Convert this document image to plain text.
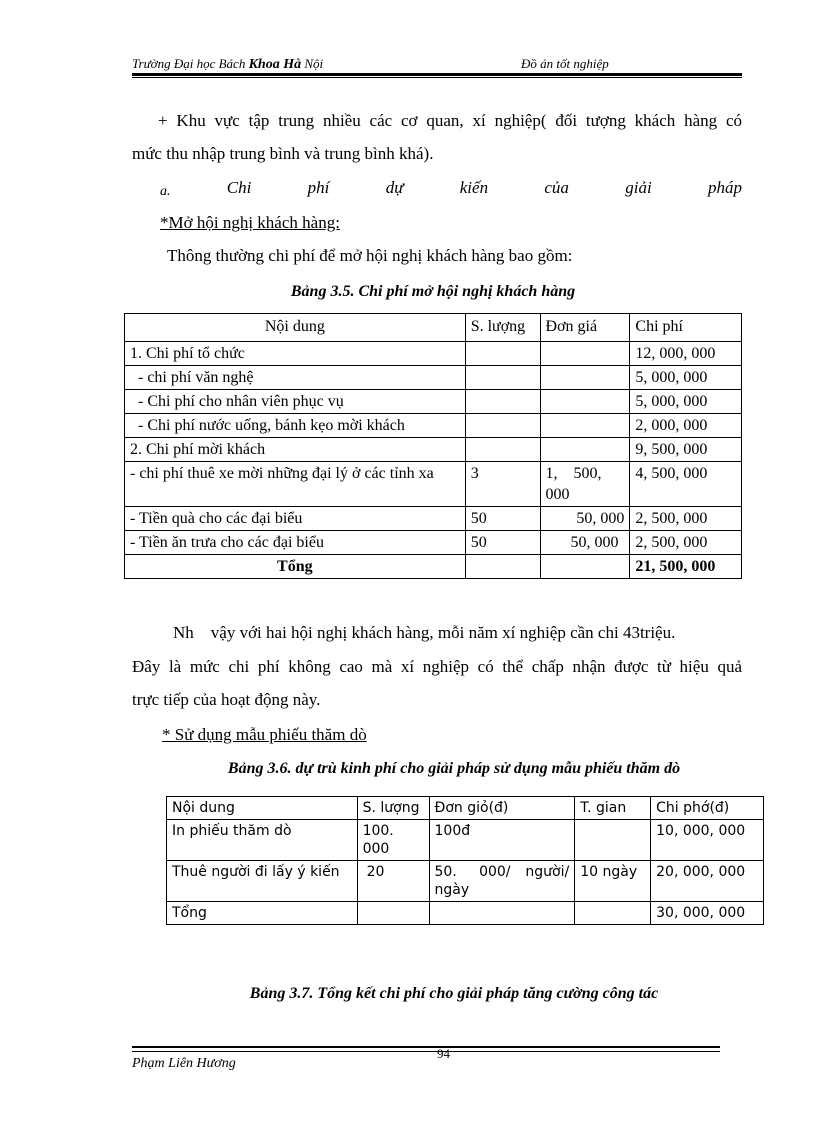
Trường Đại học Bách Khoa Hà Nội	Đồ án tốt nghiệp
+ Khu vực tập trung nhiều các cơ quan, xí nghiệp( đối tượng khách hàng có
mức thu nhập trung bình và trung bình khá).
a.	Chi	phí	dự	kiến	của	giải	pháp
*Mở hội nghị khách hàng:
Thông thường chi phí để mở hội nghị khách hàng bao gồm:
Bảng 3.5. Chi phí mở hội nghị khách hàng
Nội dung	S. lượng	Đơn giá	Chi phí
1. Chi phí tổ chức			12, 000, 000
- chi phí văn nghệ			5, 000, 000
- Chi phí cho nhân viên phục vụ			5, 000, 000
- Chi phí nước uống, bánh kẹo mời khách			2, 000, 000
2. Chi phí mời khách			9, 500, 000
- chi phí thuê xe mời những đại lý ở các tỉnh xa	3	1,    500, 000	4, 500, 000
- Tiền quà cho các đại biểu	50	50, 000	2, 500, 000
- Tiền ăn trưa cho các đại biểu	50	50, 000	2, 500, 000
Tổng			21, 500, 000
Nh    vậy với hai hội nghị khách hàng, mỗi năm xí nghiệp cần chi 43triệu.
Đây là mức chi phí không cao mà xí nghiệp có thể chấp nhận được từ hiệu quả
trực tiếp của hoạt động này.
* Sử dụng mẫu phiếu thăm dò
Bảng 3.6. dự trù kinh phí cho giải pháp sử dụng mẫu phiếu thăm dò
Nội dung	S. lượng	Đơn giỏ(đ)	T. gian	Chi phớ(đ)
In phiếu thăm dò	100. 000	100đ		10, 000, 000
Thuê người đi lấy ý kiến	20	50.   000/  người/ ngày	10 ngày	20, 000, 000
Tổng				30, 000, 000
Bảng 3.7. Tổng kết chi phí cho giải pháp tăng cường công tác
94
Phạm Liên Hương
